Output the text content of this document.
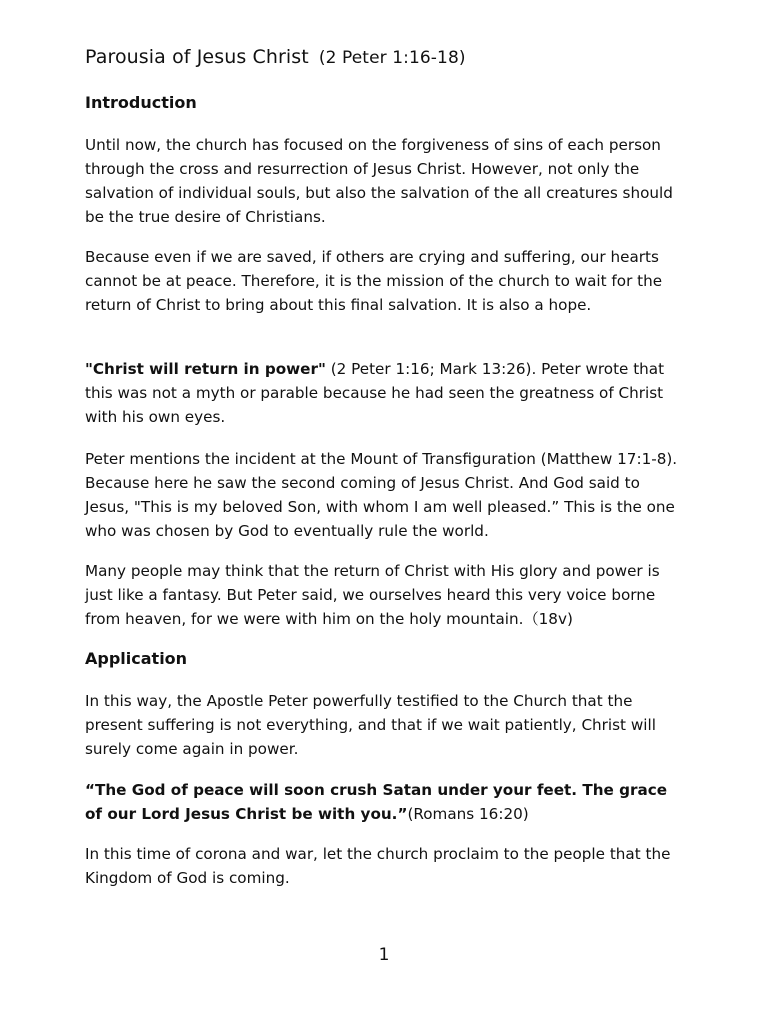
Parousia of Jesus Christ (2 Peter 1:16-18)
Introduction

Until now, the church has focused on the forgiveness of sins of each person through the cross and resurrection of Jesus Christ. However, not only the salvation of individual souls, but also the salvation of the all creatures should be the true desire of Christians.

Because even if we are saved, if others are crying and suffering, our hearts cannot be at peace. Therefore, it is the mission of the church to wait for the return of Christ to bring about this final salvation. It is also a hope.

"Christ will return in power" (2 Peter 1:16; Mark 13:26). Peter wrote that this was not a myth or parable because he had seen the greatness of Christ with his own eyes.

Peter mentions the incident at the Mount of Transfiguration (Matthew 17:1-8). Because here he saw the second coming of Jesus Christ. And God said to Jesus, "This is my beloved Son, with whom I am well pleased.” This is the one who was chosen by God to eventually rule the world.

Many people may think that the return of Christ with His glory and power is just like a fantasy. But Peter said, we ourselves heard this very voice borne from heaven, for we were with him on the holy mountain.（18v)

Application

In this way, the Apostle Peter powerfully testified to the Church that the present suffering is not everything, and that if we wait patiently, Christ will surely come again in power.

“The God of peace will soon crush Satan under your feet. The grace of our Lord Jesus Christ be with you.”(Romans 16:20)

In this time of corona and war, let the church proclaim to the people that the Kingdom of God is coming.

1
